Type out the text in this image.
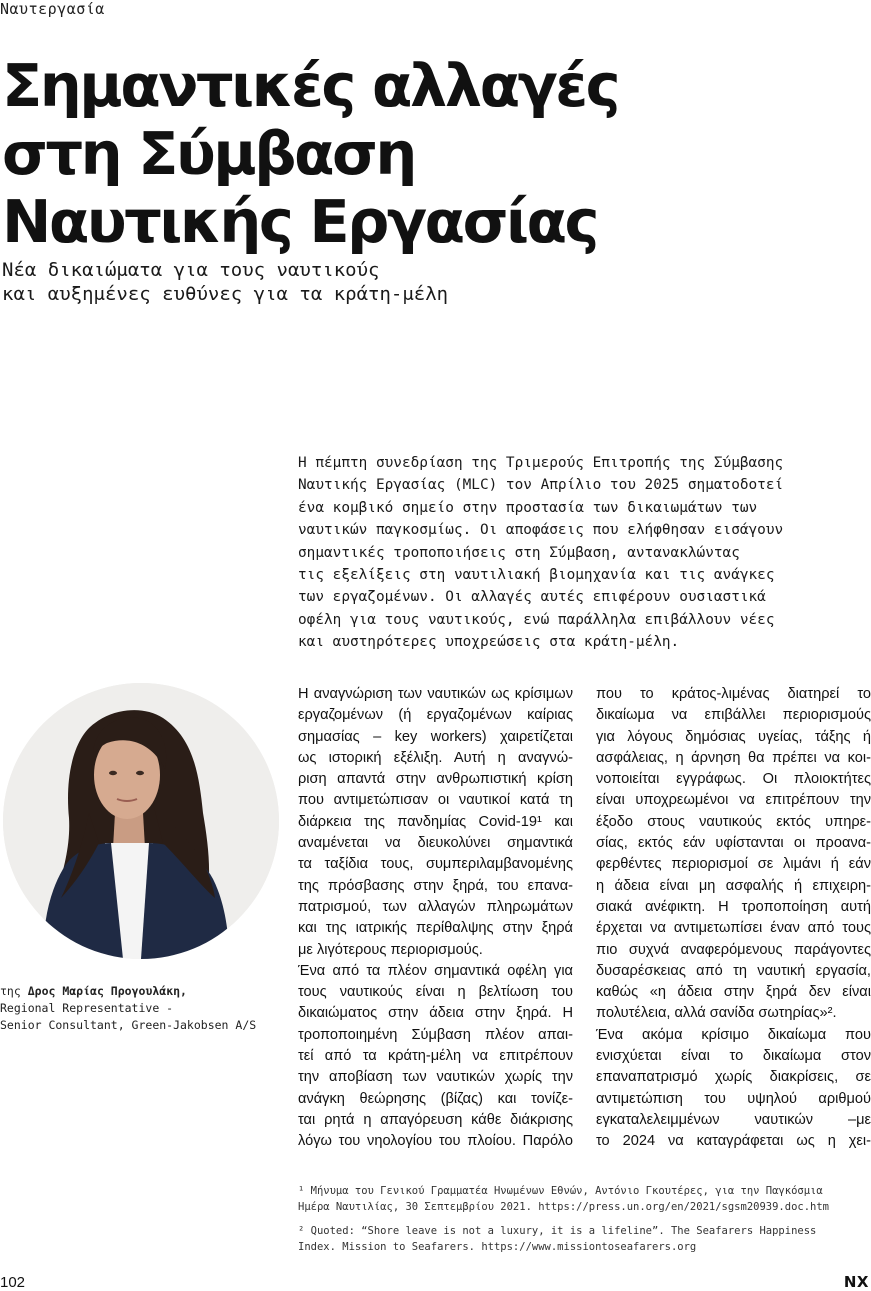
Ναυτεργασία
Σημαντικές αλλαγές
στη Σύμβαση
Ναυτικής Εργασίας
Νέα δικαιώματα για τους ναυτικούς
και αυξημένες ευθύνες για τα κράτη-μέλη
Η πέμπτη συνεδρίαση της Τριμερούς Επιτροπής της Σύμβασης
Ναυτικής Εργασίας (MLC) τον Απρίλιο του 2025 σηματοδοτεί
ένα κομβικό σημείο στην προστασία των δικαιωμάτων των
ναυτικών παγκοσμίως. Οι αποφάσεις που ελήφθησαν εισάγουν
σημαντικές τροποποιήσεις στη Σύμβαση, αντανακλώντας
τις εξελίξεις στη ναυτιλιακή βιομηχανία και τις ανάγκες
των εργαζομένων. Οι αλλαγές αυτές επιφέρουν ουσιαστικά
οφέλη για τους ναυτικούς, ενώ παράλληλα επιβάλλουν νέες
και αυστηρότερες υποχρεώσεις στα κράτη-μέλη.
της Δρος Μαρίας Προγουλάκη,
Regional Representative -
Senior Consultant, Green-Jakobsen A/S
Η αναγνώριση των ναυτικών ως κρίσιμων
εργαζομένων (ή εργαζομένων καίριας
σημασίας – key workers) χαιρετίζεται
ως ιστορική εξέλιξη. Αυτή η αναγνώ-
ριση απαντά στην ανθρωπιστική κρίση
που αντιμετώπισαν οι ναυτικοί κατά τη
διάρκεια της πανδημίας Covid-19¹ και
αναμένεται να διευκολύνει σημαντικά
τα ταξίδια τους, συμπεριλαμβανομένης
της πρόσβασης στην ξηρά, του επανα-
πατρισμού, των αλλαγών πληρωμάτων
και της ιατρικής περίθαλψης στην ξηρά
με λιγότερους περιορισμούς.
Ένα από τα πλέον σημαντικά οφέλη για
τους ναυτικούς είναι η βελτίωση του
δικαιώματος στην άδεια στην ξηρά. Η
τροποποιημένη Σύμβαση πλέον απαι-
τεί από τα κράτη-μέλη να επιτρέπουν
την αποβίαση των ναυτικών χωρίς την
ανάγκη θεώρησης (βίζας) και τονίζε-
ται ρητά η απαγόρευση κάθε διάκρισης
λόγω του νηολογίου του πλοίου. Παρόλο
που το κράτος-λιμένας διατηρεί το
δικαίωμα να επιβάλλει περιορισμούς
για λόγους δημόσιας υγείας, τάξης ή
ασφάλειας, η άρνηση θα πρέπει να κοι-
νοποιείται εγγράφως. Οι πλοιοκτήτες
είναι υποχρεωμένοι να επιτρέπουν την
έξοδο στους ναυτικούς εκτός υπηρε-
σίας, εκτός εάν υφίστανται οι προανα-
φερθέντες περιορισμοί σε λιμάνι ή εάν
η άδεια είναι μη ασφαλής ή επιχειρη-
σιακά ανέφικτη. Η τροποποίηση αυτή
έρχεται να αντιμετωπίσει έναν από τους
πιο συχνά αναφερόμενους παράγοντες
δυσαρέσκειας από τη ναυτική εργασία,
καθώς «η άδεια στην ξηρά δεν είναι
πολυτέλεια, αλλά σανίδα σωτηρίας»².
Ένα ακόμα κρίσιμο δικαίωμα που
ενισχύεται είναι το δικαίωμα στον
επαναπατρισμό χωρίς διακρίσεις, σε
αντιμετώπιση του υψηλού αριθμού
εγκαταλελειμμένων ναυτικών –με
το 2024 να καταγράφεται ως η χει-
¹ Μήνυμα του Γενικού Γραμματέα Ηνωμένων Εθνών, Αντόνιο Γκουτέρες, για την Παγκόσμια
Ημέρα Ναυτιλίας, 30 Σεπτεμβρίου 2021. https://press.un.org/en/2021/sgsm20939.doc.htm
² Quoted: “Shore leave is not a luxury, it is a lifeline”. The Seafarers Happiness
Index. Mission to Seafarers. https://www.missiontoseafarers.org
102	NX
